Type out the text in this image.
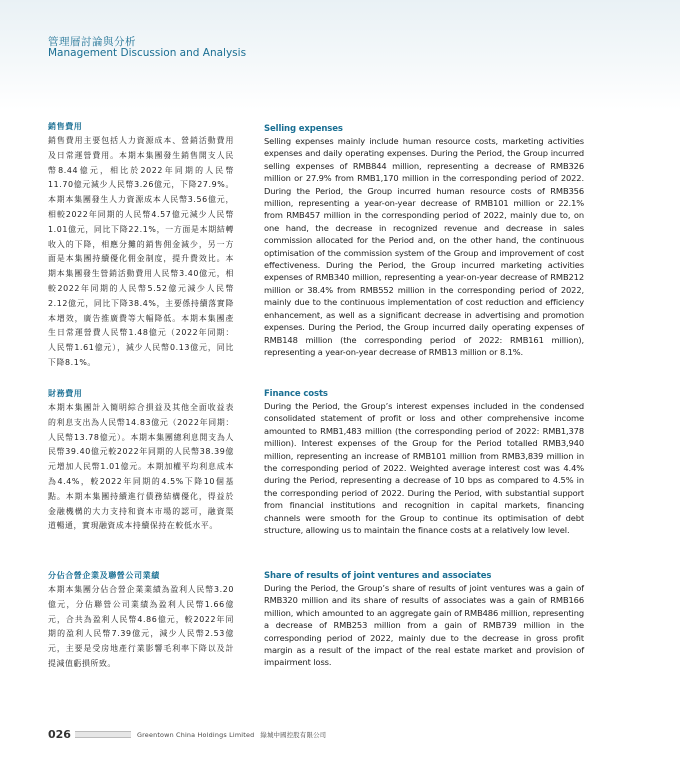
管理層討論與分析
Management Discussion and Analysis
銷售費用
銷售費用主要包括人力資源成本、營銷活動費用及日常運營費用。本期本集團發生銷售開支人民幣8.44億元，相比於2022年同期的人民幣11.70億元減少人民幣3.26億元，下降27.9%。本期本集團發生人力資源成本人民幣3.56億元，相較2022年同期的人民幣4.57億元減少人民幣1.01億元，同比下降22.1%，一方面是本期結轉收入的下降，相應分攤的銷售佣金減少，另一方面是本集團持續優化佣金制度，提升費效比。本期本集團發生營銷活動費用人民幣3.40億元，相較2022年同期的人民幣5.52億元減少人民幣2.12億元，同比下降38.4%，主要係持續落實降本增效，廣告推廣費等大幅降低。本期本集團產生日常運營費人民幣1.48億元（2022年同期：人民幣1.61億元），減少人民幣0.13億元，同比下降8.1%。
Selling expenses
Selling expenses mainly include human resource costs, marketing activities expenses and daily operating expenses. During the Period, the Group incurred selling expenses of RMB844 million, representing a decrease of RMB326 million or 27.9% from RMB1,170 million in the corresponding period of 2022. During the Period, the Group incurred human resource costs of RMB356 million, representing a year-on-year decrease of RMB101 million or 22.1% from RMB457 million in the corresponding period of 2022, mainly due to, on one hand, the decrease in recognized revenue and decrease in sales commission allocated for the Period and, on the other hand, the continuous optimisation of the commission system of the Group and improvement of cost effectiveness. During the Period, the Group incurred marketing activities expenses of RMB340 million, representing a year-on-year decrease of RMB212 million or 38.4% from RMB552 million in the corresponding period of 2022, mainly due to the continuous implementation of cost reduction and efficiency enhancement, as well as a significant decrease in advertising and promotion expenses. During the Period, the Group incurred daily operating expenses of RMB148 million (the corresponding period of 2022: RMB161 million), representing a year-on-year decrease of RMB13 million or 8.1%.
財務費用
本期本集團計入簡明綜合損益及其他全面收益表的利息支出為人民幣14.83億元（2022年同期：人民幣13.78億元）。本期本集團總利息開支為人民幣39.40億元較2022年同期的人民幣38.39億元增加人民幣1.01億元。本期加權平均利息成本為4.4%，較2022年同期的4.5%下降10個基點。本期本集團持續進行債務結構優化，得益於金融機構的大力支持和資本市場的認可，融資渠道暢通，實現融資成本持續保持在較低水平。
Finance costs
During the Period, the Group’s interest expenses included in the condensed consolidated statement of profit or loss and other comprehensive income amounted to RMB1,483 million (the corresponding period of 2022: RMB1,378 million). Interest expenses of the Group for the Period totalled RMB3,940 million, representing an increase of RMB101 million from RMB3,839 million in the corresponding period of 2022. Weighted average interest cost was 4.4% during the Period, representing a decrease of 10 bps as compared to 4.5% in the corresponding period of 2022. During the Period, with substantial support from financial institutions and recognition in capital markets, financing channels were smooth for the Group to continue its optimisation of debt structure, allowing us to maintain the finance costs at a relatively low level.
分佔合營企業及聯營公司業績
本期本集團分佔合營企業業績為盈利人民幣3.20億元，分佔聯營公司業績為盈利人民幣1.66億元，合共為盈利人民幣4.86億元，較2022年同期的盈利人民幣7.39億元，減少人民幣2.53億元，主要是受房地產行業影響毛利率下降以及計提減值虧損所致。
Share of results of joint ventures and associates
During the Period, the Group’s share of results of joint ventures was a gain of RMB320 million and its share of results of associates was a gain of RMB166 million, which amounted to an aggregate gain of RMB486 million, representing a decrease of RMB253 million from a gain of RMB739 million in the corresponding period of 2022, mainly due to the decrease in gross profit margin as a result of the impact of the real estate market and provision of impairment loss.
026	Greentown China Holdings Limited 綠城中國控股有限公司
